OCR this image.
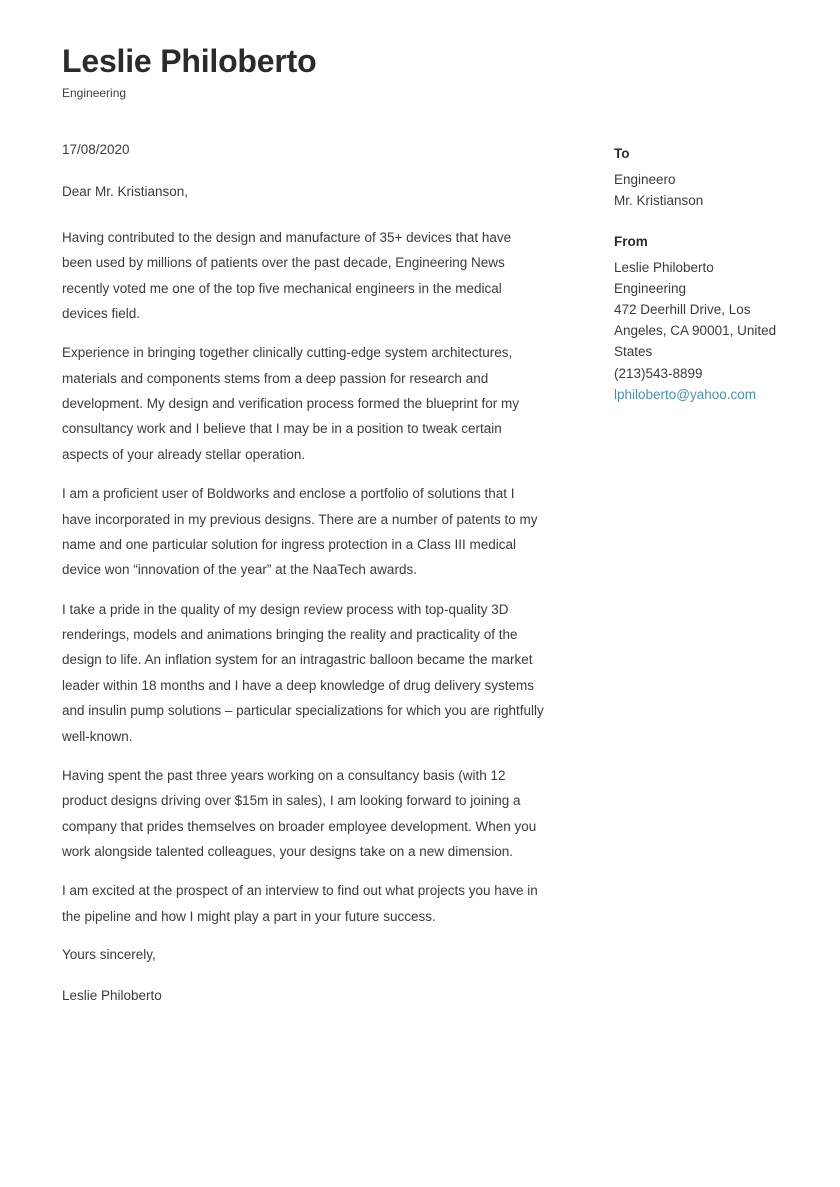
Leslie Philoberto
Engineering
17/08/2020
Dear Mr. Kristianson,

Having contributed to the design and manufacture of 35+ devices that have been used by millions of patients over the past decade, Engineering News recently voted me one of the top five mechanical engineers in the medical devices field.

Experience in bringing together clinically cutting-edge system architectures, materials and components stems from a deep passion for research and development. My design and verification process formed the blueprint for my consultancy work and I believe that I may be in a position to tweak certain aspects of your already stellar operation.

I am a proficient user of Boldworks and enclose a portfolio of solutions that I have incorporated in my previous designs. There are a number of patents to my name and one particular solution for ingress protection in a Class III medical device won “innovation of the year” at the NaaTech awards.

I take a pride in the quality of my design review process with top-quality 3D renderings, models and animations bringing the reality and practicality of the design to life. An inflation system for an intragastric balloon became the market leader within 18 months and I have a deep knowledge of drug delivery systems and insulin pump solutions – particular specializations for which you are rightfully well-known.

Having spent the past three years working on a consultancy basis (with 12 product designs driving over $15m in sales), I am looking forward to joining a company that prides themselves on broader employee development. When you work alongside talented colleagues, your designs take on a new dimension.

I am excited at the prospect of an interview to find out what projects you have in the pipeline and how I might play a part in your future success.

Yours sincerely,
Leslie Philoberto
To
Engineero
Mr. Kristianson
From
Leslie Philoberto
Engineering
472 Deerhill Drive, Los Angeles, CA 90001, United States
(213)543-8899
lphiloberto@yahoo.com
